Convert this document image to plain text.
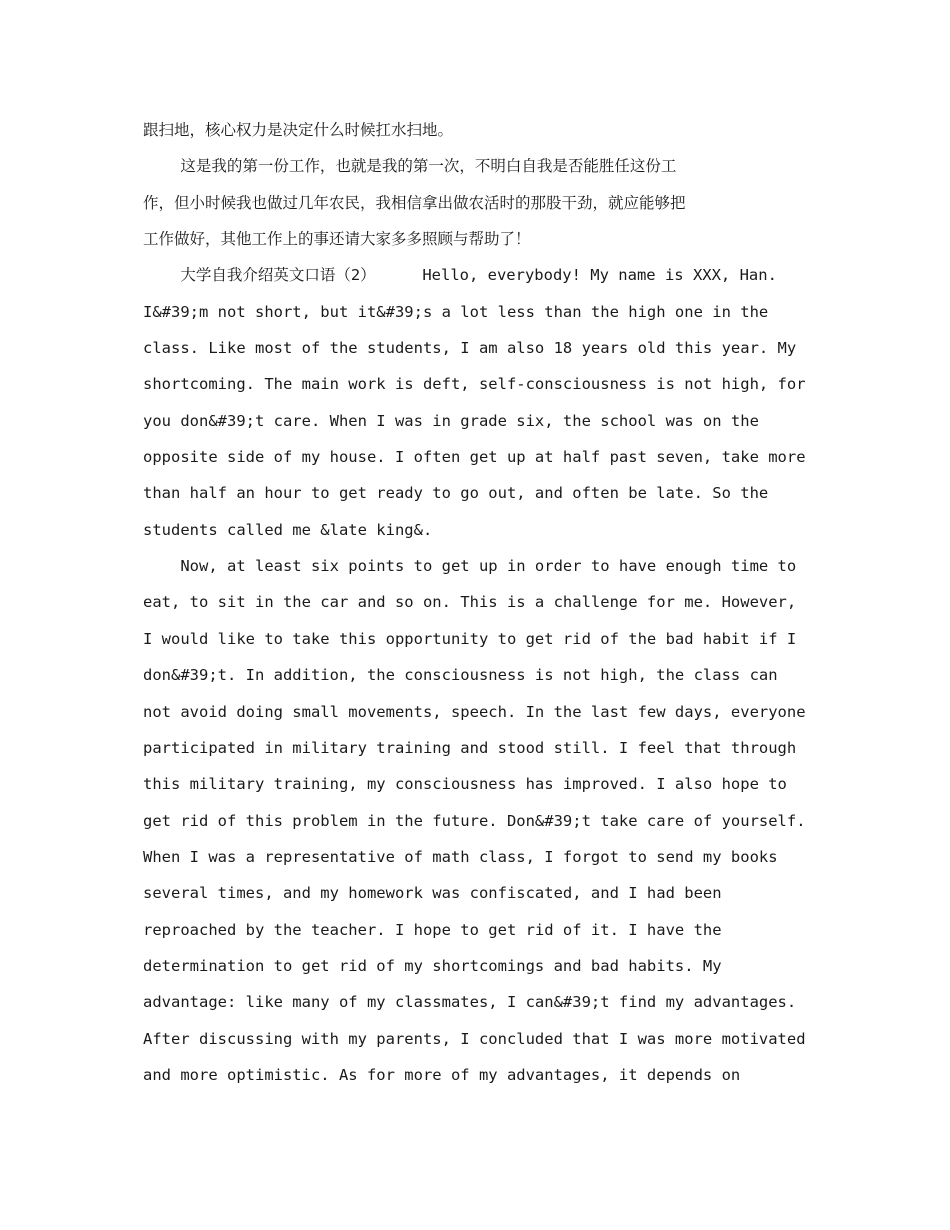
跟扫地，核心权力是决定什么时候扛水扫地。
这是我的第一份工作，也就是我的第一次，不明白自我是否能胜任这份工
作，但小时候我也做过几年农民，我相信拿出做农活时的那股干劲，就应能够把
工作做好，其他工作上的事还请大家多多照顾与帮助了！
大学自我介绍英文口语（2）     Hello, everybody! My name is XXX, Han.
I&#39;m not short, but it&#39;s a lot less than the high one in the
class. Like most of the students, I am also 18 years old this year. My
shortcoming. The main work is deft, self-consciousness is not high, for
you don&#39;t care. When I was in grade six, the school was on the
opposite side of my house. I often get up at half past seven, take more
than half an hour to get ready to go out, and often be late. So the
students called me &late king&.
Now, at least six points to get up in order to have enough time to
eat, to sit in the car and so on. This is a challenge for me. However,
I would like to take this opportunity to get rid of the bad habit if I
don&#39;t. In addition, the consciousness is not high, the class can
not avoid doing small movements, speech. In the last few days, everyone
participated in military training and stood still. I feel that through
this military training, my consciousness has improved. I also hope to
get rid of this problem in the future. Don&#39;t take care of yourself.
When I was a representative of math class, I forgot to send my books
several times, and my homework was confiscated, and I had been
reproached by the teacher. I hope to get rid of it. I have the
determination to get rid of my shortcomings and bad habits. My
advantage: like many of my classmates, I can&#39;t find my advantages.
After discussing with my parents, I concluded that I was more motivated
and more optimistic. As for more of my advantages, it depends on
